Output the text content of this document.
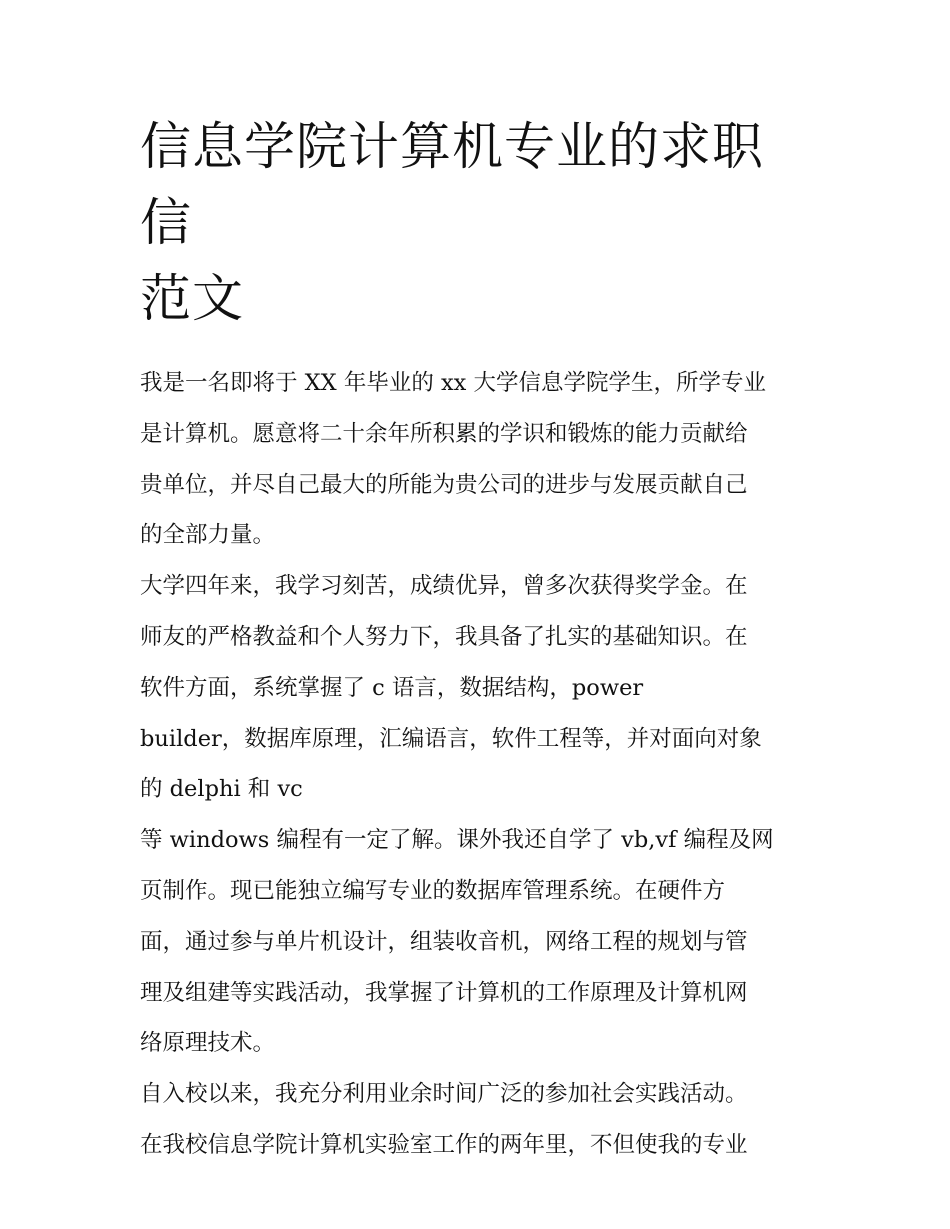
信息学院计算机专业的求职信
范文
我是一名即将于 XX 年毕业的 xx 大学信息学院学生，所学专业
是计算机。愿意将二十余年所积累的学识和锻炼的能力贡献给
贵单位，并尽自己最大的所能为贵公司的进步与发展贡献自己
的全部力量。
大学四年来，我学习刻苦，成绩优异，曾多次获得奖学金。在
师友的严格教益和个人努力下，我具备了扎实的基础知识。在
软件方面，系统掌握了 c 语言，数据结构，power
builder，数据库原理，汇编语言，软件工程等，并对面向对象
的 delphi 和 vc
等 windows 编程有一定了解。课外我还自学了 vb,vf 编程及网
页制作。现已能独立编写专业的数据库管理系统。在硬件方
面，通过参与单片机设计，组装收音机，网络工程的规划与管
理及组建等实践活动，我掌握了计算机的工作原理及计算机网
络原理技术。
自入校以来，我充分利用业余时间广泛的参加社会实践活动。
在我校信息学院计算机实验室工作的两年里，不但使我的专业
